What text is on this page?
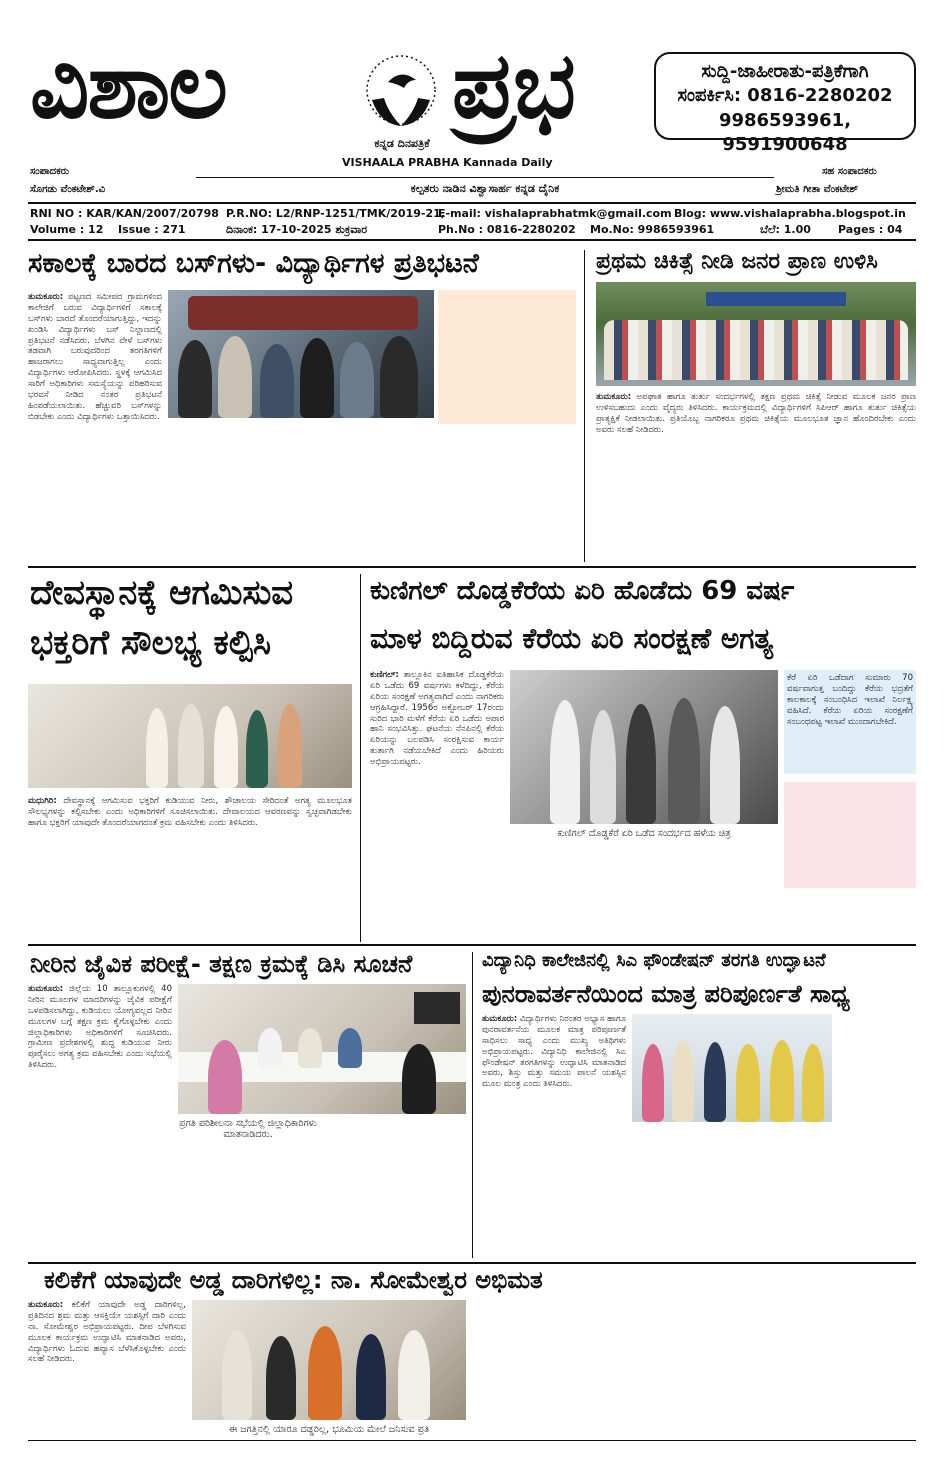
ವಿಶಾಲ ಪ್ರಭ
ಕನ್ನಡ ದಿನಪತ್ರಿಕೆ
VISHAALA PRABHA Kannada Daily
ಸುದ್ದಿ-ಜಾಹೀರಾತು-ಪತ್ರಿಕೆಗಾಗಿ
ಸಂಪರ್ಕಿಸಿ: 0816-2280202
9986593961, 9591900648
ಸಂಪಾದಕರು
ಸೊಗಡು ವೆಂಕಟೇಶ್.ವಿ
ಸಹ ಸಂಪಾದಕರು
ಶ್ರೀಮತಿ ಗೀತಾ ವೆಂಕಟೇಶ್
ಕಲ್ಪತರು ನಾಡಿನ ವಿಶ್ವಾಸಾರ್ಹ ಕನ್ನಡ ದೈನಿಕ
RNI NO : KAR/KAN/2007/20798 P.R.NO: L2/RNP-1251/TMK/2019-21,
E-mail: vishalaprabhatmk@gmail.com Blog: www.vishalaprabha.blogspot.in
Volume : 12 Issue : 271	ದಿನಾಂಕ: 17-10-2025 ಶುಕ್ರವಾರ	Ph.No : 0816-2280202 Mo.No: 9986593961	ಬೆಲೆ: 1.00 Pages : 04
ಸಕಾಲಕ್ಕೆ ಬಾರದ ಬಸ್‌ಗಳು- ವಿದ್ಯಾರ್ಥಿಗಳ ಪ್ರತಿಭಟನೆ
ತುಮಕೂರು: ಪಟ್ಟಣದ ಸಮೀಪದ ಗ್ರಾಮಗಳಿಂದ ಕಾಲೇಜಿಗೆ ಬರುವ ವಿದ್ಯಾರ್ಥಿಗಳಿಗೆ ಸಕಾಲಕ್ಕೆ ಬಸ್‌ಗಳು ಬಾರದೆ ತೊಂದರೆಯಾಗುತ್ತಿದ್ದು, ಇದನ್ನು ಖಂಡಿಸಿ ವಿದ್ಯಾರ್ಥಿಗಳು ಬಸ್ ನಿಲ್ದಾಣದಲ್ಲಿ ಪ್ರತಿಭಟನೆ ನಡೆಸಿದರು. ಬೆಳಗಿನ ವೇಳೆ ಬಸ್‌ಗಳು ತಡವಾಗಿ ಬರುವುದರಿಂದ ತರಗತಿಗಳಿಗೆ ಹಾಜರಾಗಲು ಸಾಧ್ಯವಾಗುತ್ತಿಲ್ಲ ಎಂದು ವಿದ್ಯಾರ್ಥಿಗಳು ಆರೋಪಿಸಿದರು. ಸ್ಥಳಕ್ಕೆ ಆಗಮಿಸಿದ ಸಾರಿಗೆ ಅಧಿಕಾರಿಗಳು ಸಮಸ್ಯೆಯನ್ನು ಪರಿಹರಿಸುವ ಭರವಸೆ ನೀಡಿದ ನಂತರ ಪ್ರತಿಭಟನೆ ಹಿಂಪಡೆಯಲಾಯಿತು. ಹೆಚ್ಚುವರಿ ಬಸ್‌ಗಳನ್ನು ಬಿಡಬೇಕು ಎಂದು ವಿದ್ಯಾರ್ಥಿಗಳು ಒತ್ತಾಯಿಸಿದರು.
ಪ್ರಥಮ ಚಿಕಿತ್ಸೆ ನೀಡಿ ಜನರ ಪ್ರಾಣ ಉಳಿಸಿ
ತುಮಕೂರು: ಅಪಘಾತ ಹಾಗೂ ತುರ್ತು ಸಂದರ್ಭಗಳಲ್ಲಿ ತಕ್ಷಣ ಪ್ರಥಮ ಚಿಕಿತ್ಸೆ ನೀಡುವ ಮೂಲಕ ಜನರ ಪ್ರಾಣ ಉಳಿಸಬಹುದು ಎಂದು ವೈದ್ಯರು ತಿಳಿಸಿದರು. ಕಾರ್ಯಕ್ರಮದಲ್ಲಿ ವಿದ್ಯಾರ್ಥಿಗಳಿಗೆ ಸಿಪಿಆರ್ ಹಾಗೂ ತುರ್ತು ಚಿಕಿತ್ಸೆಯ ಪ್ರಾತ್ಯಕ್ಷಿಕೆ ನೀಡಲಾಯಿತು. ಪ್ರತಿಯೊಬ್ಬ ನಾಗರಿಕರೂ ಪ್ರಥಮ ಚಿಕಿತ್ಸೆಯ ಮೂಲಭೂತ ಜ್ಞಾನ ಹೊಂದಿರಬೇಕು ಎಂದು ಅವರು ಸಲಹೆ ನೀಡಿದರು.
ದೇವಸ್ಥಾನಕ್ಕೆ ಆಗಮಿಸುವ
ಭಕ್ತರಿಗೆ ಸೌಲಭ್ಯ ಕಲ್ಪಿಸಿ
ಮಧುಗಿರಿ: ದೇವಸ್ಥಾನಕ್ಕೆ ಆಗಮಿಸುವ ಭಕ್ತರಿಗೆ ಕುಡಿಯುವ ನೀರು, ಶೌಚಾಲಯ ಸೇರಿದಂತೆ ಅಗತ್ಯ ಮೂಲಭೂತ ಸೌಲಭ್ಯಗಳನ್ನು ಕಲ್ಪಿಸಬೇಕು ಎಂದು ಅಧಿಕಾರಿಗಳಿಗೆ ಸೂಚಿಸಲಾಯಿತು. ದೇವಾಲಯದ ಆವರಣವನ್ನು ಸ್ವಚ್ಛವಾಗಿಡಬೇಕು ಹಾಗೂ ಭಕ್ತರಿಗೆ ಯಾವುದೇ ತೊಂದರೆಯಾಗದಂತೆ ಕ್ರಮ ವಹಿಸಬೇಕು ಎಂದು ತಿಳಿಸಿದರು.
ಕುಣಿಗಲ್ ದೊಡ್ಡಕೆರೆಯ ಏರಿ ಹೊಡೆದು 69 ವರ್ಷ
ಮಾಳ ಬಿದ್ದಿರುವ ಕೆರೆಯ ಏರಿ ಸಂರಕ್ಷಣೆ ಅಗತ್ಯ
ಕುಣಿಗಲ್: ತಾಲ್ಲೂಕಿನ ಐತಿಹಾಸಿಕ ದೊಡ್ಡಕೆರೆಯ ಏರಿ ಒಡೆದು 69 ವರ್ಷಗಳು ಕಳೆದಿದ್ದು, ಕೆರೆಯ ಏರಿಯ ಸಂರಕ್ಷಣೆ ಅಗತ್ಯವಾಗಿದೆ ಎಂದು ನಾಗರಿಕರು ಆಗ್ರಹಿಸಿದ್ದಾರೆ. 1956ರ ಅಕ್ಟೋಬರ್ 17ರಂದು ಸುರಿದ ಭಾರಿ ಮಳೆಗೆ ಕೆರೆಯ ಏರಿ ಒಡೆದು ಅಪಾರ ಹಾನಿ ಸಂಭವಿಸಿತ್ತು. ಘಟನೆಯ ನೆನಪಿನಲ್ಲಿ ಕೆರೆಯ ಏರಿಯನ್ನು ಬಲಪಡಿಸಿ ಸಂರಕ್ಷಿಸುವ ಕಾರ್ಯ ತುರ್ತಾಗಿ ನಡೆಯಬೇಕಿದೆ ಎಂದು ಹಿರಿಯರು ಅಭಿಪ್ರಾಯಪಟ್ಟರು.
ಕುಣಿಗಲ್ ದೊಡ್ಡಕೆರೆ ಏರಿ ಒಡೆದ ಸಂದರ್ಭದ ಹಳೆಯ ಚಿತ್ರ
ಕೆರೆ ಏರಿ ಒಡೆದಾಗ ಸುಮಾರು 70 ವರ್ಷವಾಗುತ್ತ ಬಂದಿದ್ದು ಕೆರೆಯ ಭದ್ರತೆಗೆ ಕಾಲಕಾಲಕ್ಕೆ ಸಂಬಂಧಿಸಿದ ಇಲಾಖೆ ನಿರ್ಲಕ್ಷ್ಯ ವಹಿಸಿದೆ. ಕೆರೆಯ ಏರಿಯ ಸಂರಕ್ಷಣೆಗೆ ಸಂಬಂಧಪಟ್ಟ ಇಲಾಖೆ ಮುಂದಾಗಬೇಕಿದೆ.
ನೀರಿನ ಜೈವಿಕ ಪರೀಕ್ಷೆ- ತಕ್ಷಣ ಕ್ರಮಕ್ಕೆ ಡಿಸಿ ಸೂಚನೆ
ತುಮಕೂರು: ಜಿಲ್ಲೆಯ 10 ತಾಲ್ಲೂಕುಗಳಲ್ಲಿ 40 ನೀರಿನ ಮೂಲಗಳ ಮಾದರಿಗಳನ್ನು ಜೈವಿಕ ಪರೀಕ್ಷೆಗೆ ಒಳಪಡಿಸಲಾಗಿದ್ದು, ಕುಡಿಯಲು ಯೋಗ್ಯವಲ್ಲದ ನೀರಿನ ಮೂಲಗಳ ಬಗ್ಗೆ ತಕ್ಷಣ ಕ್ರಮ ಕೈಗೊಳ್ಳಬೇಕು ಎಂದು ಜಿಲ್ಲಾಧಿಕಾರಿಗಳು ಅಧಿಕಾರಿಗಳಿಗೆ ಸೂಚಿಸಿದರು. ಗ್ರಾಮೀಣ ಪ್ರದೇಶಗಳಲ್ಲಿ ಶುದ್ಧ ಕುಡಿಯುವ ನೀರು ಪೂರೈಸಲು ಅಗತ್ಯ ಕ್ರಮ ವಹಿಸಬೇಕು ಎಂದು ಸಭೆಯಲ್ಲಿ ತಿಳಿಸಿದರು.
ಪ್ರಗತಿ ಪರಿಶೀಲನಾ ಸಭೆಯಲ್ಲಿ ಜಿಲ್ಲಾಧಿಕಾರಿಗಳು ಮಾತನಾಡಿದರು.
ವಿದ್ಯಾನಿಧಿ ಕಾಲೇಜಿನಲ್ಲಿ ಸಿಎ ಫೌಂಡೇಷನ್ ತರಗತಿ ಉದ್ಘಾಟನೆ
ಪುನರಾವರ್ತನೆಯಿಂದ ಮಾತ್ರ ಪರಿಪೂರ್ಣತೆ ಸಾಧ್ಯ
ತುಮಕೂರು: ವಿದ್ಯಾರ್ಥಿಗಳು ನಿರಂತರ ಅಭ್ಯಾಸ ಹಾಗೂ ಪುನರಾವರ್ತನೆಯ ಮೂಲಕ ಮಾತ್ರ ಪರಿಪೂರ್ಣತೆ ಸಾಧಿಸಲು ಸಾಧ್ಯ ಎಂದು ಮುಖ್ಯ ಅತಿಥಿಗಳು ಅಭಿಪ್ರಾಯಪಟ್ಟರು. ವಿದ್ಯಾನಿಧಿ ಕಾಲೇಜಿನಲ್ಲಿ ಸಿಎ ಫೌಂಡೇಷನ್ ತರಗತಿಗಳನ್ನು ಉದ್ಘಾಟಿಸಿ ಮಾತನಾಡಿದ ಅವರು, ಶಿಸ್ತು ಮತ್ತು ಸಮಯ ಪಾಲನೆ ಯಶಸ್ಸಿನ ಮೂಲ ಮಂತ್ರ ಎಂದು ತಿಳಿಸಿದರು.
ಕಲಿಕೆಗೆ ಯಾವುದೇ ಅಡ್ಡ ದಾರಿಗಳಿಲ್ಲ: ನಾ. ಸೋಮೇಶ್ವರ ಅಭಿಮತ
ತುಮಕೂರು: ಕಲಿಕೆಗೆ ಯಾವುದೇ ಅಡ್ಡ ದಾರಿಗಳಿಲ್ಲ, ಪ್ರತಿದಿನದ ಶ್ರಮ ಮತ್ತು ಆಸಕ್ತಿಯೇ ಯಶಸ್ಸಿಗೆ ದಾರಿ ಎಂದು ನಾ. ಸೋಮೇಶ್ವರ ಅಭಿಪ್ರಾಯಪಟ್ಟರು. ದೀಪ ಬೆಳಗಿಸುವ ಮೂಲಕ ಕಾರ್ಯಕ್ರಮ ಉದ್ಘಾಟಿಸಿ ಮಾತನಾಡಿದ ಅವರು, ವಿದ್ಯಾರ್ಥಿಗಳು ಓದುವ ಹವ್ಯಾಸ ಬೆಳೆಸಿಕೊಳ್ಳಬೇಕು ಎಂದು ಸಲಹೆ ನೀಡಿದರು.
ಈ ಜಗತ್ತಿನಲ್ಲಿ ಯಾರೂ ದಡ್ಡರಿಲ್ಲ, ಭೂಮಿಯ ಮೇಲೆ ಜನಿಸುವ ಪ್ರತಿ
